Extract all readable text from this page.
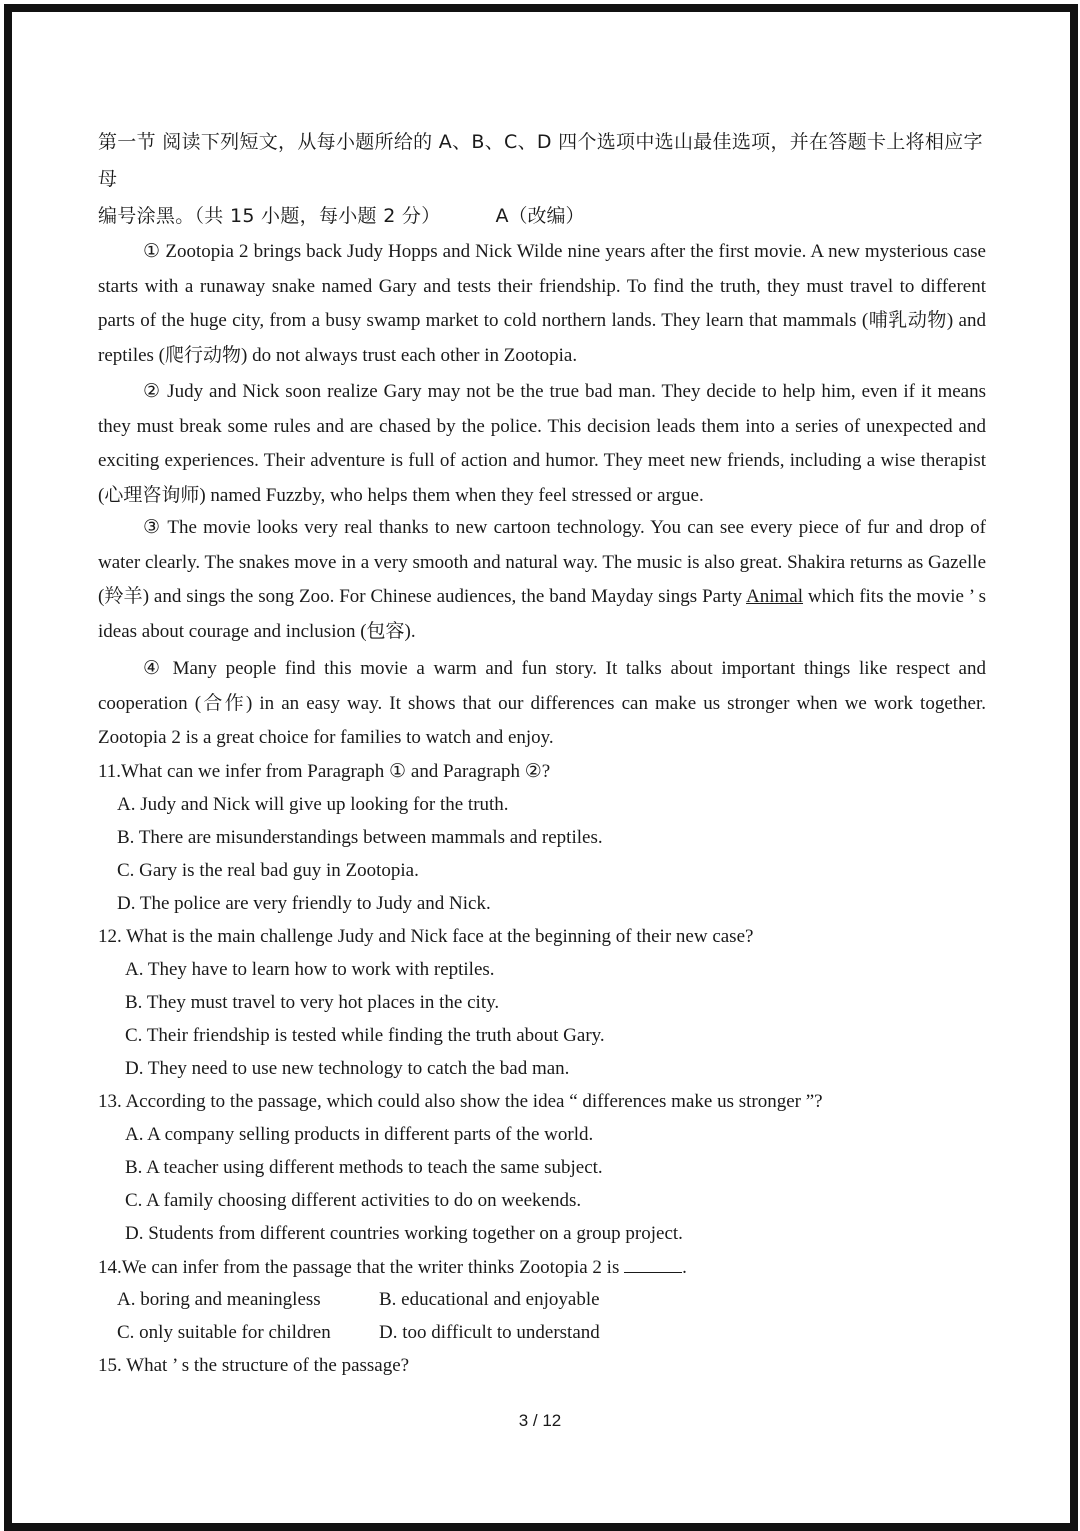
第一节 阅读下列短文，从每小题所给的 A、B、C、D 四个选项中选山最佳选项，并在答题卡上将相应字母
编号涂黑。（共 15 小题，每小题 2 分）	A（改编）
① Zootopia 2 brings back Judy Hopps and Nick Wilde nine years after the first movie. A new mysterious case starts with a runaway snake named Gary and tests their friendship. To find the truth, they must travel to different parts of the huge city, from a busy swamp market to cold northern lands. They learn that mammals (哺乳动物) and reptiles (爬行动物) do not always trust each other in Zootopia.
② Judy and Nick soon realize Gary may not be the true bad man. They decide to help him, even if it means they must break some rules and are chased by the police. This decision leads them into a series of unexpected and exciting experiences. Their adventure is full of action and humor. They meet new friends, including a wise therapist (心理咨询师) named Fuzzby, who helps them when they feel stressed or argue.
③ The movie looks very real thanks to new cartoon technology. You can see every piece of fur and drop of water clearly. The snakes move in a very smooth and natural way. The music is also great. Shakira returns as Gazelle (羚羊) and sings the song Zoo. For Chinese audiences, the band Mayday sings Party Animal which fits the movie ’ s ideas about courage and inclusion (包容).
④ Many people find this movie a warm and fun story. It talks about important things like respect and cooperation (合作) in an easy way. It shows that our differences can make us stronger when we work together. Zootopia 2 is a great choice for families to watch and enjoy.
11.What can we infer from Paragraph ① and Paragraph ②?
A. Judy and Nick will give up looking for the truth.
B. There are misunderstandings between mammals and reptiles.
C. Gary is the real bad guy in Zootopia.
D. The police are very friendly to Judy and Nick.
12. What is the main challenge Judy and Nick face at the beginning of their new case?
A. They have to learn how to work with reptiles.
B. They must travel to very hot places in the city.
C. Their friendship is tested while finding the truth about Gary.
D. They need to use new technology to catch the bad man.
13. According to the passage, which could also show the idea “ differences make us stronger ”?
A. A company selling products in different parts of the world.
B. A teacher using different methods to teach the same subject.
C. A family choosing different activities to do on weekends.
D. Students from different countries working together on a group project.
14.We can infer from the passage that the writer thinks Zootopia 2 is	.
A. boring and meaningless	B. educational and enjoyable
C. only suitable for children	D. too difficult to understand
15. What ’ s the structure of the passage?
3 / 12
